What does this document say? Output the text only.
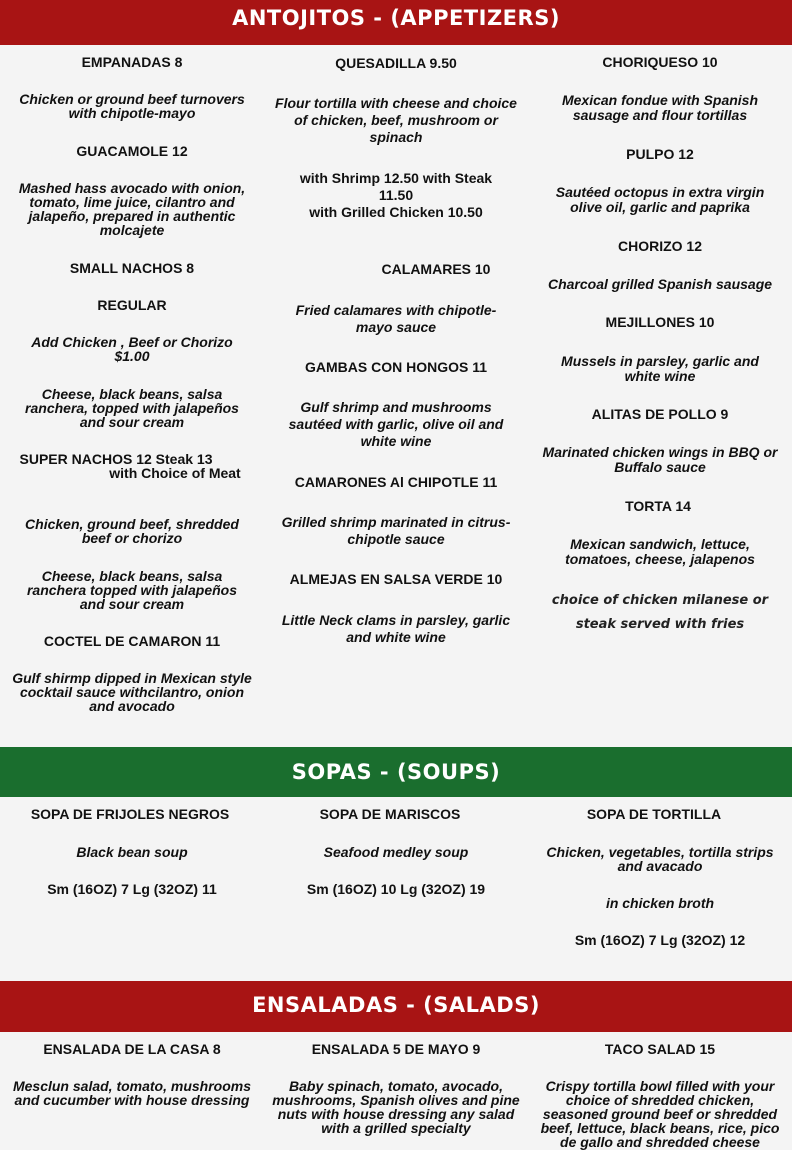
ANTOJITOS - (APPETIZERS)
SOPAS - (SOUPS)
ENSALADAS - (SALADS)
EMPANADAS 8
Chicken or ground beef turnovers with chipotle-mayo
GUACAMOLE 12
Mashed hass avocado with onion, tomato, lime juice, cilantro and jalapeño, prepared in authentic molcajete
SMALL NACHOS 8
REGULAR
Add Chicken , Beef or Chorizo $1.00
Cheese, black beans, salsa ranchera, topped with jalapeños and sour cream
SUPER NACHOS 12 Steak 13
with Choice of Meat
Chicken, ground beef, shredded beef or chorizo
Cheese, black beans, salsa ranchera topped with jalapeños and sour cream
COCTEL DE CAMARON 11
Gulf shirmp dipped in Mexican style cocktail sauce withcilantro, onion and avocado
QUESADILLA 9.50
Flour tortilla with cheese and choice of chicken, beef, mushroom or spinach
with Shrimp 12.50 with Steak 11.50
with Grilled Chicken 10.50
CALAMARES 10
Fried calamares with chipotle-mayo sauce
GAMBAS CON HONGOS 11
Gulf shrimp and mushrooms sautéed with garlic, olive oil and white wine
CAMARONES Al CHIPOTLE 11
Grilled shrimp marinated in citrus-chipotle sauce
ALMEJAS EN SALSA VERDE 10
Little Neck clams in parsley, garlic and white wine
CHORIQUESO 10
Mexican fondue with Spanish sausage and flour tortillas
PULPO 12
Sautéed octopus in extra virgin olive oil, garlic and paprika
CHORIZO 12
Charcoal grilled Spanish sausage
MEJILLONES 10
Mussels in parsley, garlic and white wine
ALITAS DE POLLO 9
Marinated chicken wings in BBQ or Buffalo sauce
TORTA 14
Mexican sandwich, lettuce, tomatoes, cheese, jalapenos
choice of chicken milanese or steak served with fries
SOPA DE FRIJOLES NEGROS
Black bean soup
Sm (16OZ) 7 Lg (32OZ) 11
SOPA DE MARISCOS
Seafood medley soup
Sm (16OZ) 10 Lg (32OZ) 19
SOPA DE TORTILLA
Chicken, vegetables, tortilla strips and avacado
in chicken broth
Sm (16OZ) 7 Lg (32OZ) 12
ENSALADA DE LA CASA 8
Mesclun salad, tomato, mushrooms and cucumber with house dressing
ENSALADA 5 DE MAYO 9
Baby spinach, tomato, avocado, mushrooms, Spanish olives and pine nuts with house dressing any salad with a grilled specialty
TACO SALAD 15
Crispy tortilla bowl filled with your choice of shredded chicken, seasoned ground beef or shredded beef, lettuce, black beans, rice, pico de gallo and shredded cheese
